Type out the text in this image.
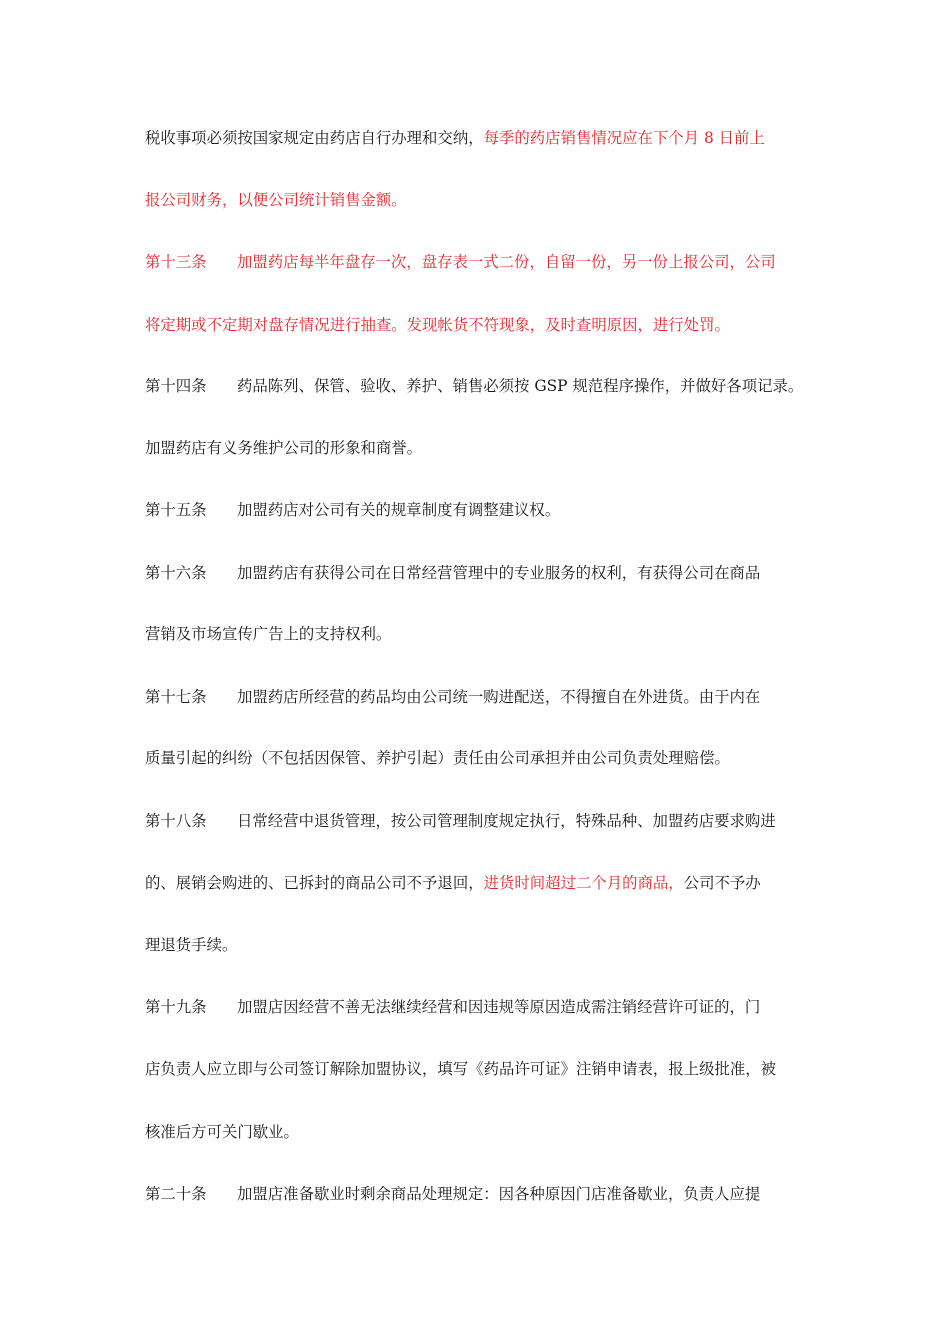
税收事项必须按国家规定由药店自行办理和交纳，每季的药店销售情况应在下个月 8 日前上
报公司财务，以便公司统计销售金额。
第十三条 加盟药店每半年盘存一次，盘存表一式二份，自留一份，另一份上报公司，公司
将定期或不定期对盘存情况进行抽查。发现帐货不符现象，及时查明原因，进行处罚。
第十四条 药品陈列、保管、验收、养护、销售必须按 GSP 规范程序操作，并做好各项记录。
加盟药店有义务维护公司的形象和商誉。
第十五条 加盟药店对公司有关的规章制度有调整建议权。
第十六条 加盟药店有获得公司在日常经营管理中的专业服务的权利，有获得公司在商品
营销及市场宣传广告上的支持权利。
第十七条 加盟药店所经营的药品均由公司统一购进配送，不得擅自在外进货。由于内在
质量引起的纠纷（不包括因保管、养护引起）责任由公司承担并由公司负责处理赔偿。
第十八条 日常经营中退货管理，按公司管理制度规定执行，特殊品种、加盟药店要求购进
的、展销会购进的、已拆封的商品公司不予退回，进货时间超过二个月的商品，公司不予办
理退货手续。
第十九条 加盟店因经营不善无法继续经营和因违规等原因造成需注销经营许可证的，门
店负责人应立即与公司签订解除加盟协议，填写《药品许可证》注销申请表，报上级批准，被
核准后方可关门歇业。
第二十条 加盟店准备歇业时剩余商品处理规定：因各种原因门店准备歇业，负责人应提
